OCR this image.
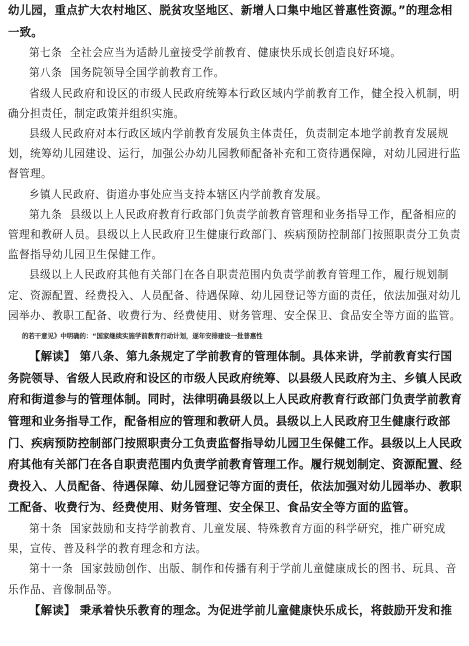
幼儿园，重点扩大农村地区、脱贫攻坚地区、新增人口集中地区普惠性资源。”的理念相一致。

第七条 全社会应当为适龄儿童接受学前教育、健康快乐成长创造良好环境。

第八条 国务院领导全国学前教育工作。

省级人民政府和设区的市级人民政府统筹本行政区域内学前教育工作，健全投入机制，明确分担责任，制定政策并组织实施。

县级人民政府对本行政区域内学前教育发展负主体责任，负责制定本地学前教育发展规划，统筹幼儿园建设、运行，加强公办幼儿园教师配备补充和工资待遇保障，对幼儿园进行监督管理。

乡镇人民政府、街道办事处应当支持本辖区内学前教育发展。

第九条 县级以上人民政府教育行政部门负责学前教育管理和业务指导工作，配备相应的管理和教研人员。县级以上人民政府卫生健康行政部门、疾病预防控制部门按照职责分工负责监督指导幼儿园卫生保健工作。

县级以上人民政府其他有关部门在各自职责范围内负责学前教育管理工作，履行规划制定、资源配置、经费投入、人员配备、待遇保障、幼儿园登记等方面的责任，依法加强对幼儿园举办、教职工配备、收费行为、经费使用、财务管理、安全保卫、食品安全等方面的监管。的若干意见》中明确的：“国家继续实施学前教育行动计划，逐年安排建设一批普惠性

【解读】 第八条、第九条规定了学前教育的管理体制。具体来讲，学前教育实行国务院领导、省级人民政府和设区的市级人民政府统筹、以县级人民政府为主、乡镇人民政府和街道参与的管理体制。同时，法律明确县级以上人民政府教育行政部门负责学前教育管理和业务指导工作，配备相应的管理和教研人员。县级以上人民政府卫生健康行政部门、疾病预防控制部门按照职责分工负责监督指导幼儿园卫生保健工作。县级以上人民政府其他有关部门在各自职责范围内负责学前教育管理工作。履行规划制定、资源配置、经费投入、人员配备、待遇保障、幼儿园登记等方面的责任，依法加强对幼儿园举办、教职工配备、收费行为、经费使用、财务管理、安全保卫、食品安全等方面的监管。

第十条 国家鼓励和支持学前教育、儿童发展、特殊教育方面的科学研究，推广研究成果，宣传、普及科学的教育理念和方法。

第十一条 国家鼓励创作、出版、制作和传播有利于学前儿童健康成长的图书、玩具、音乐作品、音像制品等。

【解读】 秉承着快乐教育的理念。为促进学前儿童健康快乐成长，将鼓励开发和推
